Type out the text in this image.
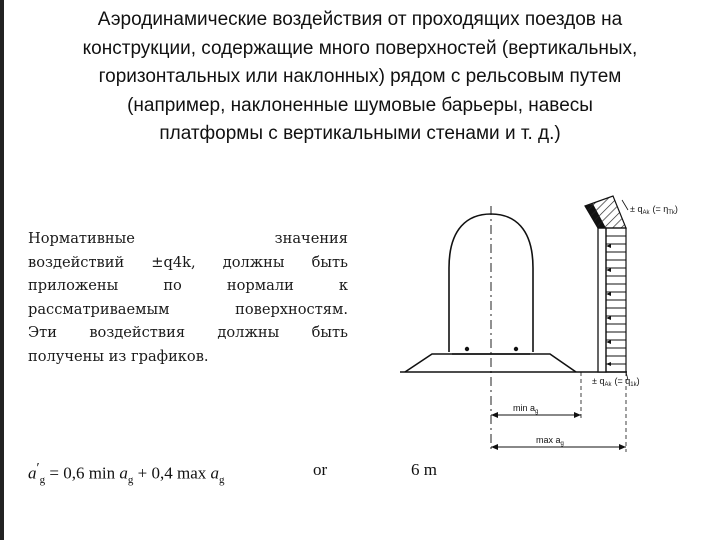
Аэродинамические воздействия от проходящих поездов на
конструкции, содержащие много поверхностей (вертикальных,
горизонтальных или наклонных) рядом с рельсовым путем
(например, наклоненные шумовые барьеры, навесы
платформы с вертикальными стенами и т. д.)
Нормативные	значения
воздействий ±q4k, должны быть
приложены	по	нормали	к
рассматриваемым	поверхностям.
Эти воздействия должны быть
получены из графиков.
± $q_{Ak}$ (= $\eta_{Tk}$)
± $q_{Ak}$ (= $q_{1k}$)
$\min a_g$
$\max a_g$
$a'_g = 0,6$ $\min a_g + 0,4$ $\max a_g$
or	6 m
